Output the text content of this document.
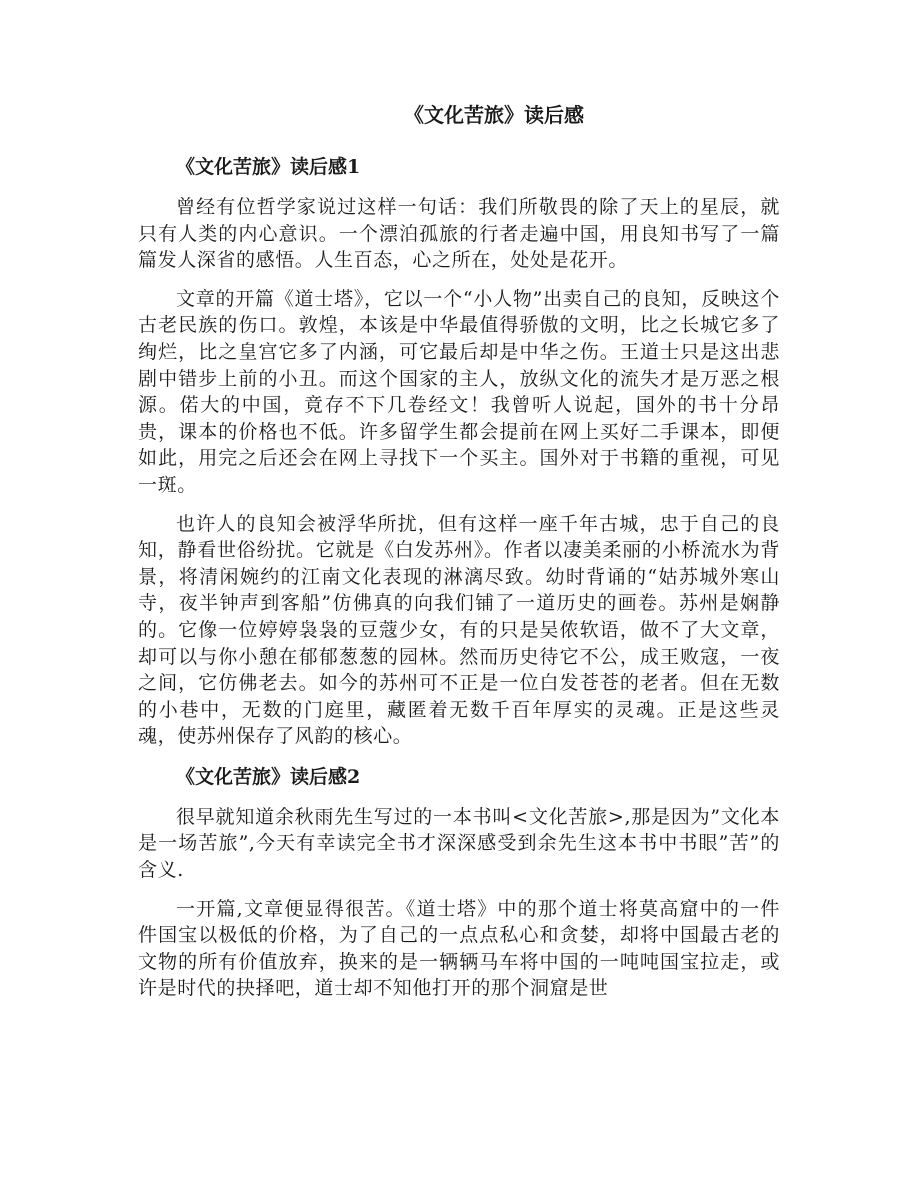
《文化苦旅》读后感
《文化苦旅》读后感1

曾经有位哲学家说过这样一句话：我们所敬畏的除了天上的星辰，就只有人类的内心意识。一个漂泊孤旅的行者走遍中国，用良知书写了一篇篇发人深省的感悟。人生百态，心之所在，处处是花开。

文章的开篇《道士塔》，它以一个“小人物”出卖自己的良知，反映这个古老民族的伤口。敦煌，本该是中华最值得骄傲的文明，比之长城它多了绚烂，比之皇宫它多了内涵，可它最后却是中华之伤。王道士只是这出悲剧中错步上前的小丑。而这个国家的主人，放纵文化的流失才是万恶之根源。偌大的中国，竟存不下几卷经文！我曾听人说起，国外的书十分昂贵，课本的价格也不低。许多留学生都会提前在网上买好二手课本，即便如此，用完之后还会在网上寻找下一个买主。国外对于书籍的重视，可见一斑。

也许人的良知会被浮华所扰，但有这样一座千年古城，忠于自己的良知，静看世俗纷扰。它就是《白发苏州》。作者以凄美柔丽的小桥流水为背景，将清闲婉约的江南文化表现的淋漓尽致。幼时背诵的“姑苏城外寒山寺，夜半钟声到客船”仿佛真的向我们铺了一道历史的画卷。苏州是娴静的。它像一位婷婷袅袅的豆蔻少女，有的只是吴侬软语，做不了大文章，却可以与你小憩在郁郁葱葱的园林。然而历史待它不公，成王败寇，一夜之间，它仿佛老去。如今的苏州可不正是一位白发苍苍的老者。但在无数的小巷中，无数的门庭里，藏匿着无数千百年厚实的灵魂。正是这些灵魂，使苏州保存了风韵的核心。

《文化苦旅》读后感2

很早就知道余秋雨先生写过的一本书叫<文化苦旅>,那是因为”文化本是一场苦旅”,今天有幸读完全书才深深感受到余先生这本书中书眼”苦”的含义.

一开篇,文章便显得很苦。《道士塔》中的那个道士将莫高窟中的一件件国宝以极低的价格，为了自己的一点点私心和贪婪，却将中国最古老的文物的所有价值放弃，换来的是一辆辆马车将中国的一吨吨国宝拉走，或许是时代的抉择吧，道士却不知他打开的那个洞窟是世
